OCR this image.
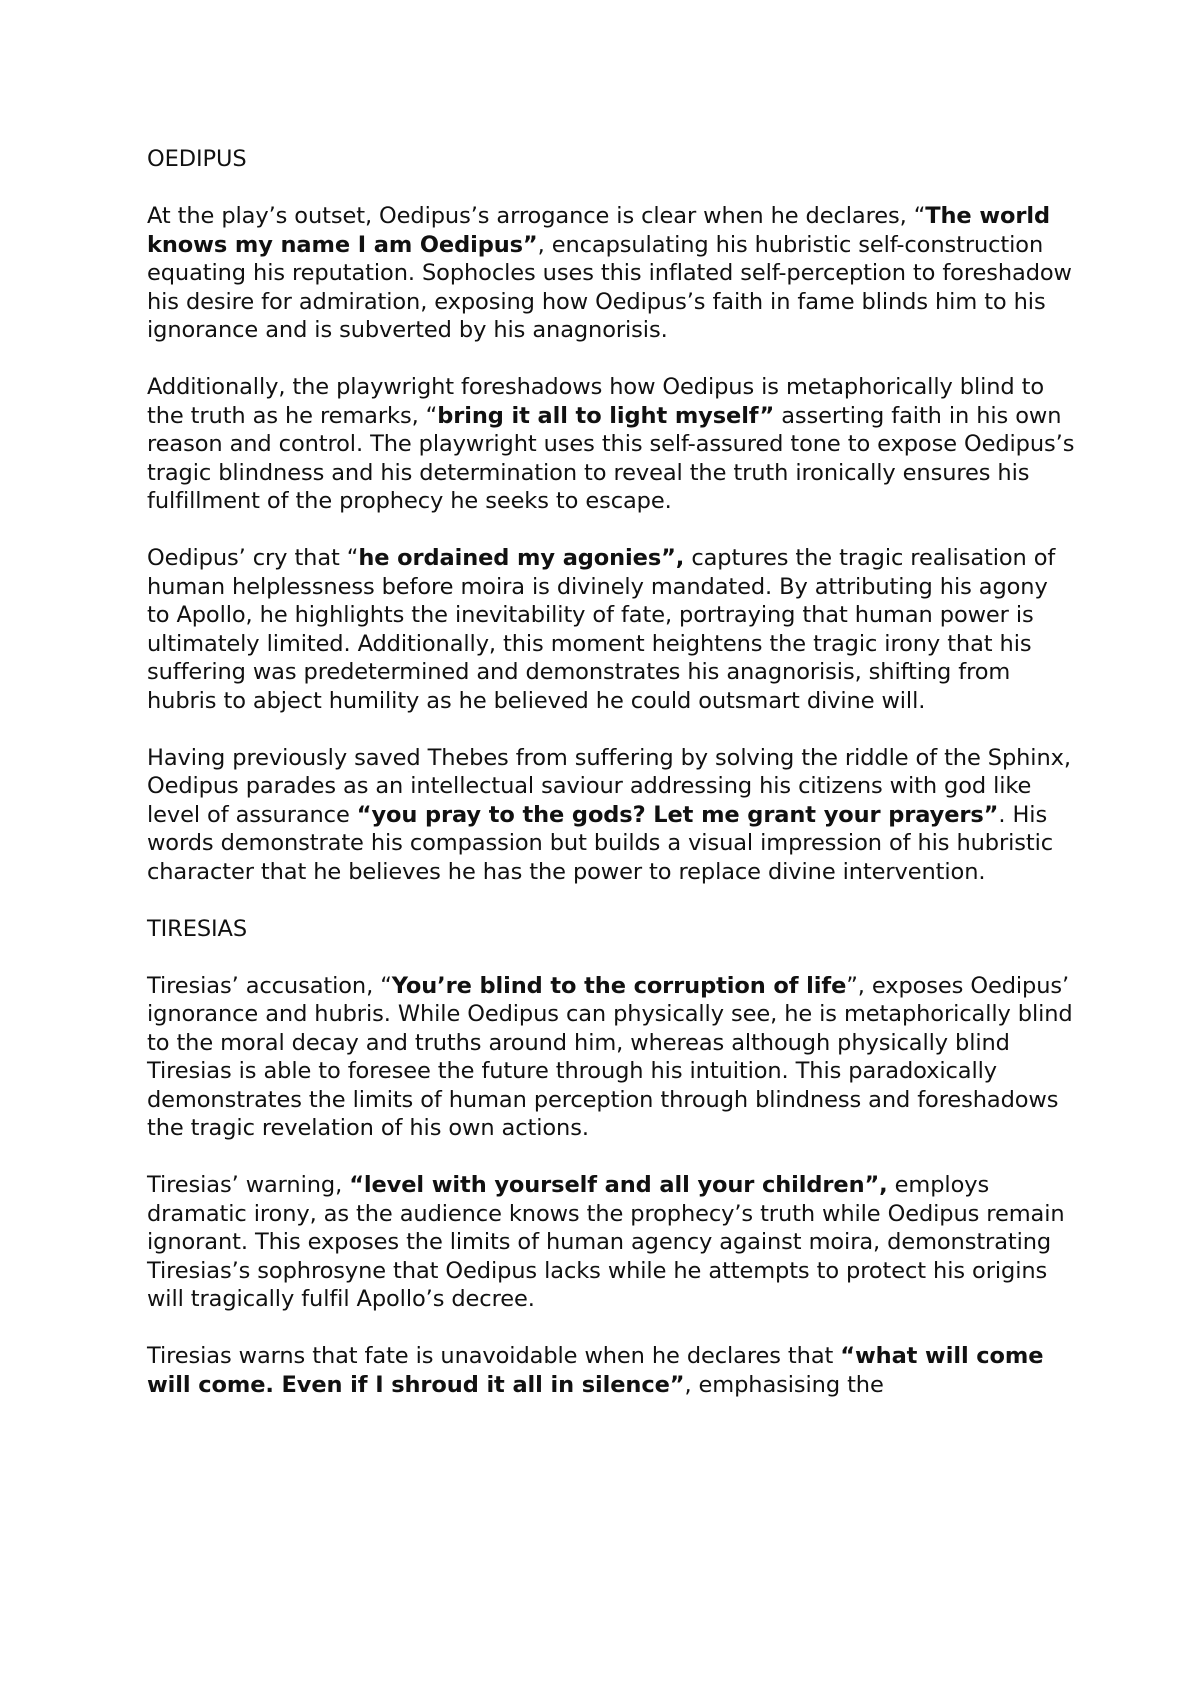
OEDIPUS

At the play’s outset, Oedipus’s arrogance is clear when he declares, “The world knows my name I am Oedipus”, encapsulating his hubristic self-construction equating his reputation. Sophocles uses this inflated self-perception to foreshadow his desire for admiration, exposing how Oedipus’s faith in fame blinds him to his ignorance and is subverted by his anagnorisis.

Additionally, the playwright foreshadows how Oedipus is metaphorically blind to the truth as he remarks, “bring it all to light myself” asserting faith in his own reason and control. The playwright uses this self-assured tone to expose Oedipus’s tragic blindness and his determination to reveal the truth ironically ensures his fulfillment of the prophecy he seeks to escape.

Oedipus’ cry that “he ordained my agonies”, captures the tragic realisation of human helplessness before moira is divinely mandated. By attributing his agony to Apollo, he highlights the inevitability of fate, portraying that human power is ultimately limited. Additionally, this moment heightens the tragic irony that his suffering was predetermined and demonstrates his anagnorisis, shifting from hubris to abject humility as he believed he could outsmart divine will.

Having previously saved Thebes from suffering by solving the riddle of the Sphinx, Oedipus parades as an intellectual saviour addressing his citizens with god like level of assurance “you pray to the gods? Let me grant your prayers”. His words demonstrate his compassion but builds a visual impression of his hubristic character that he believes he has the power to replace divine intervention.

TIRESIAS

Tiresias’ accusation, “You’re blind to the corruption of life”, exposes Oedipus’ ignorance and hubris. While Oedipus can physically see, he is metaphorically blind to the moral decay and truths around him, whereas although physically blind Tiresias is able to foresee the future through his intuition. This paradoxically demonstrates the limits of human perception through blindness and foreshadows the tragic revelation of his own actions.

Tiresias’ warning, “level with yourself and all your children”, employs dramatic irony, as the audience knows the prophecy’s truth while Oedipus remain ignorant. This exposes the limits of human agency against moira, demonstrating Tiresias’s sophrosyne that Oedipus lacks while he attempts to protect his origins will tragically fulfil Apollo’s decree.

Tiresias warns that fate is unavoidable when he declares that “what will come will come. Even if I shroud it all in silence”, emphasising the
